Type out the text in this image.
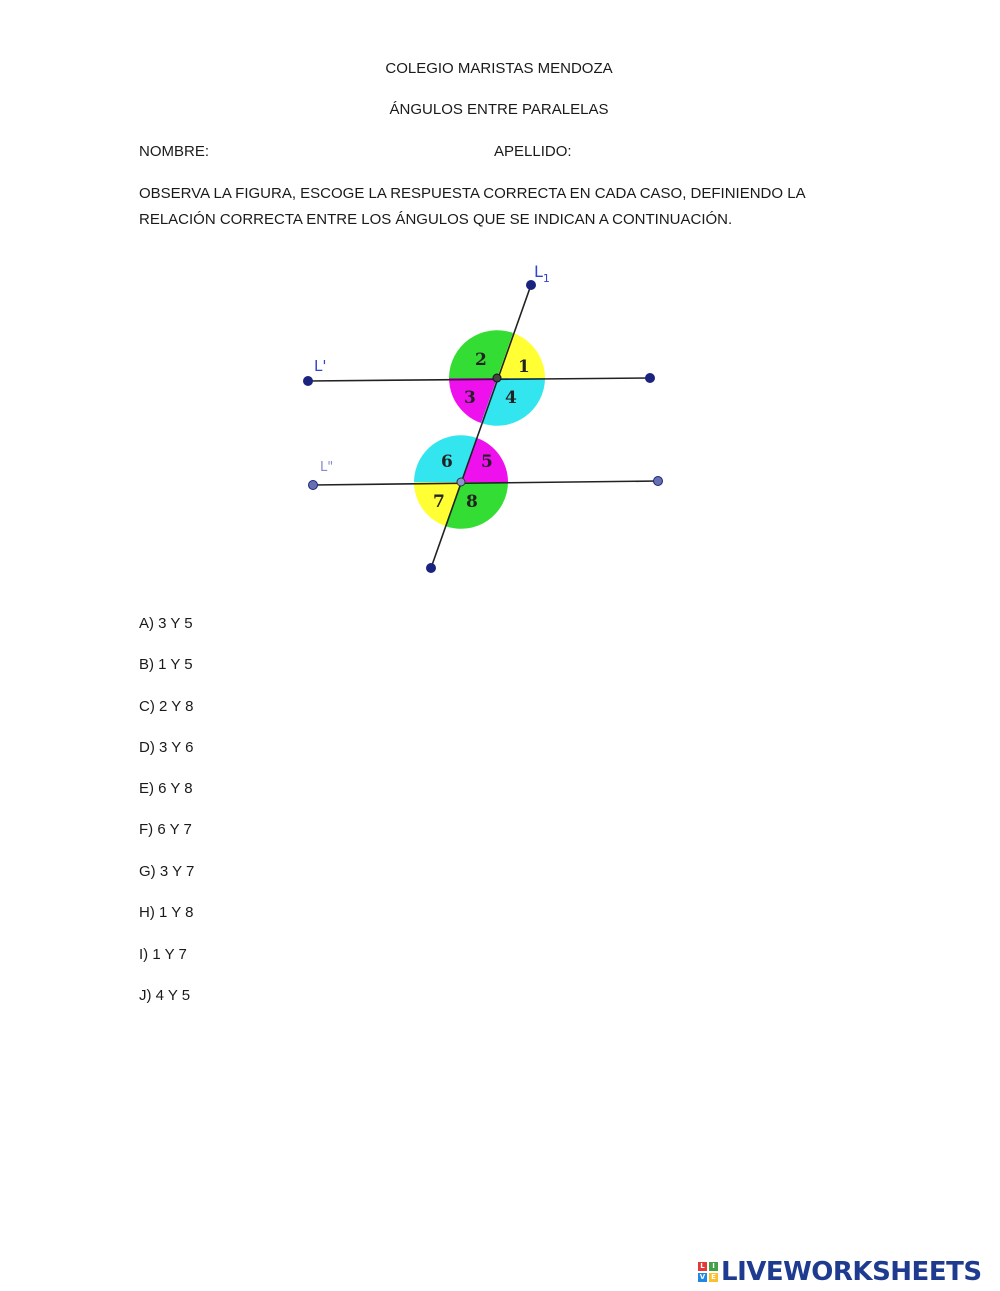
COLEGIO MARISTAS MENDOZA
ÁNGULOS ENTRE PARALELAS
NOMBRE:	APELLIDO:
OBSERVA LA FIGURA, ESCOGE LA RESPUESTA CORRECTA EN CADA CASO, DEFINIENDO LA RELACIÓN CORRECTA ENTRE LOS ÁNGULOS QUE SE INDICAN A CONTINUACIÓN.
$L_1$
L'
L"
1
2
3 4
5
6
7 8
A) 3 Y 5
B) 1 Y 5
C) 2 Y 8
D) 3 Y 6
E) 6 Y 8
F) 6 Y 7
G) 3 Y 7
H) 1 Y 8
I) 1 Y 7
J) 4 Y 5
L	I
V E LIVEWORKSHEETS
